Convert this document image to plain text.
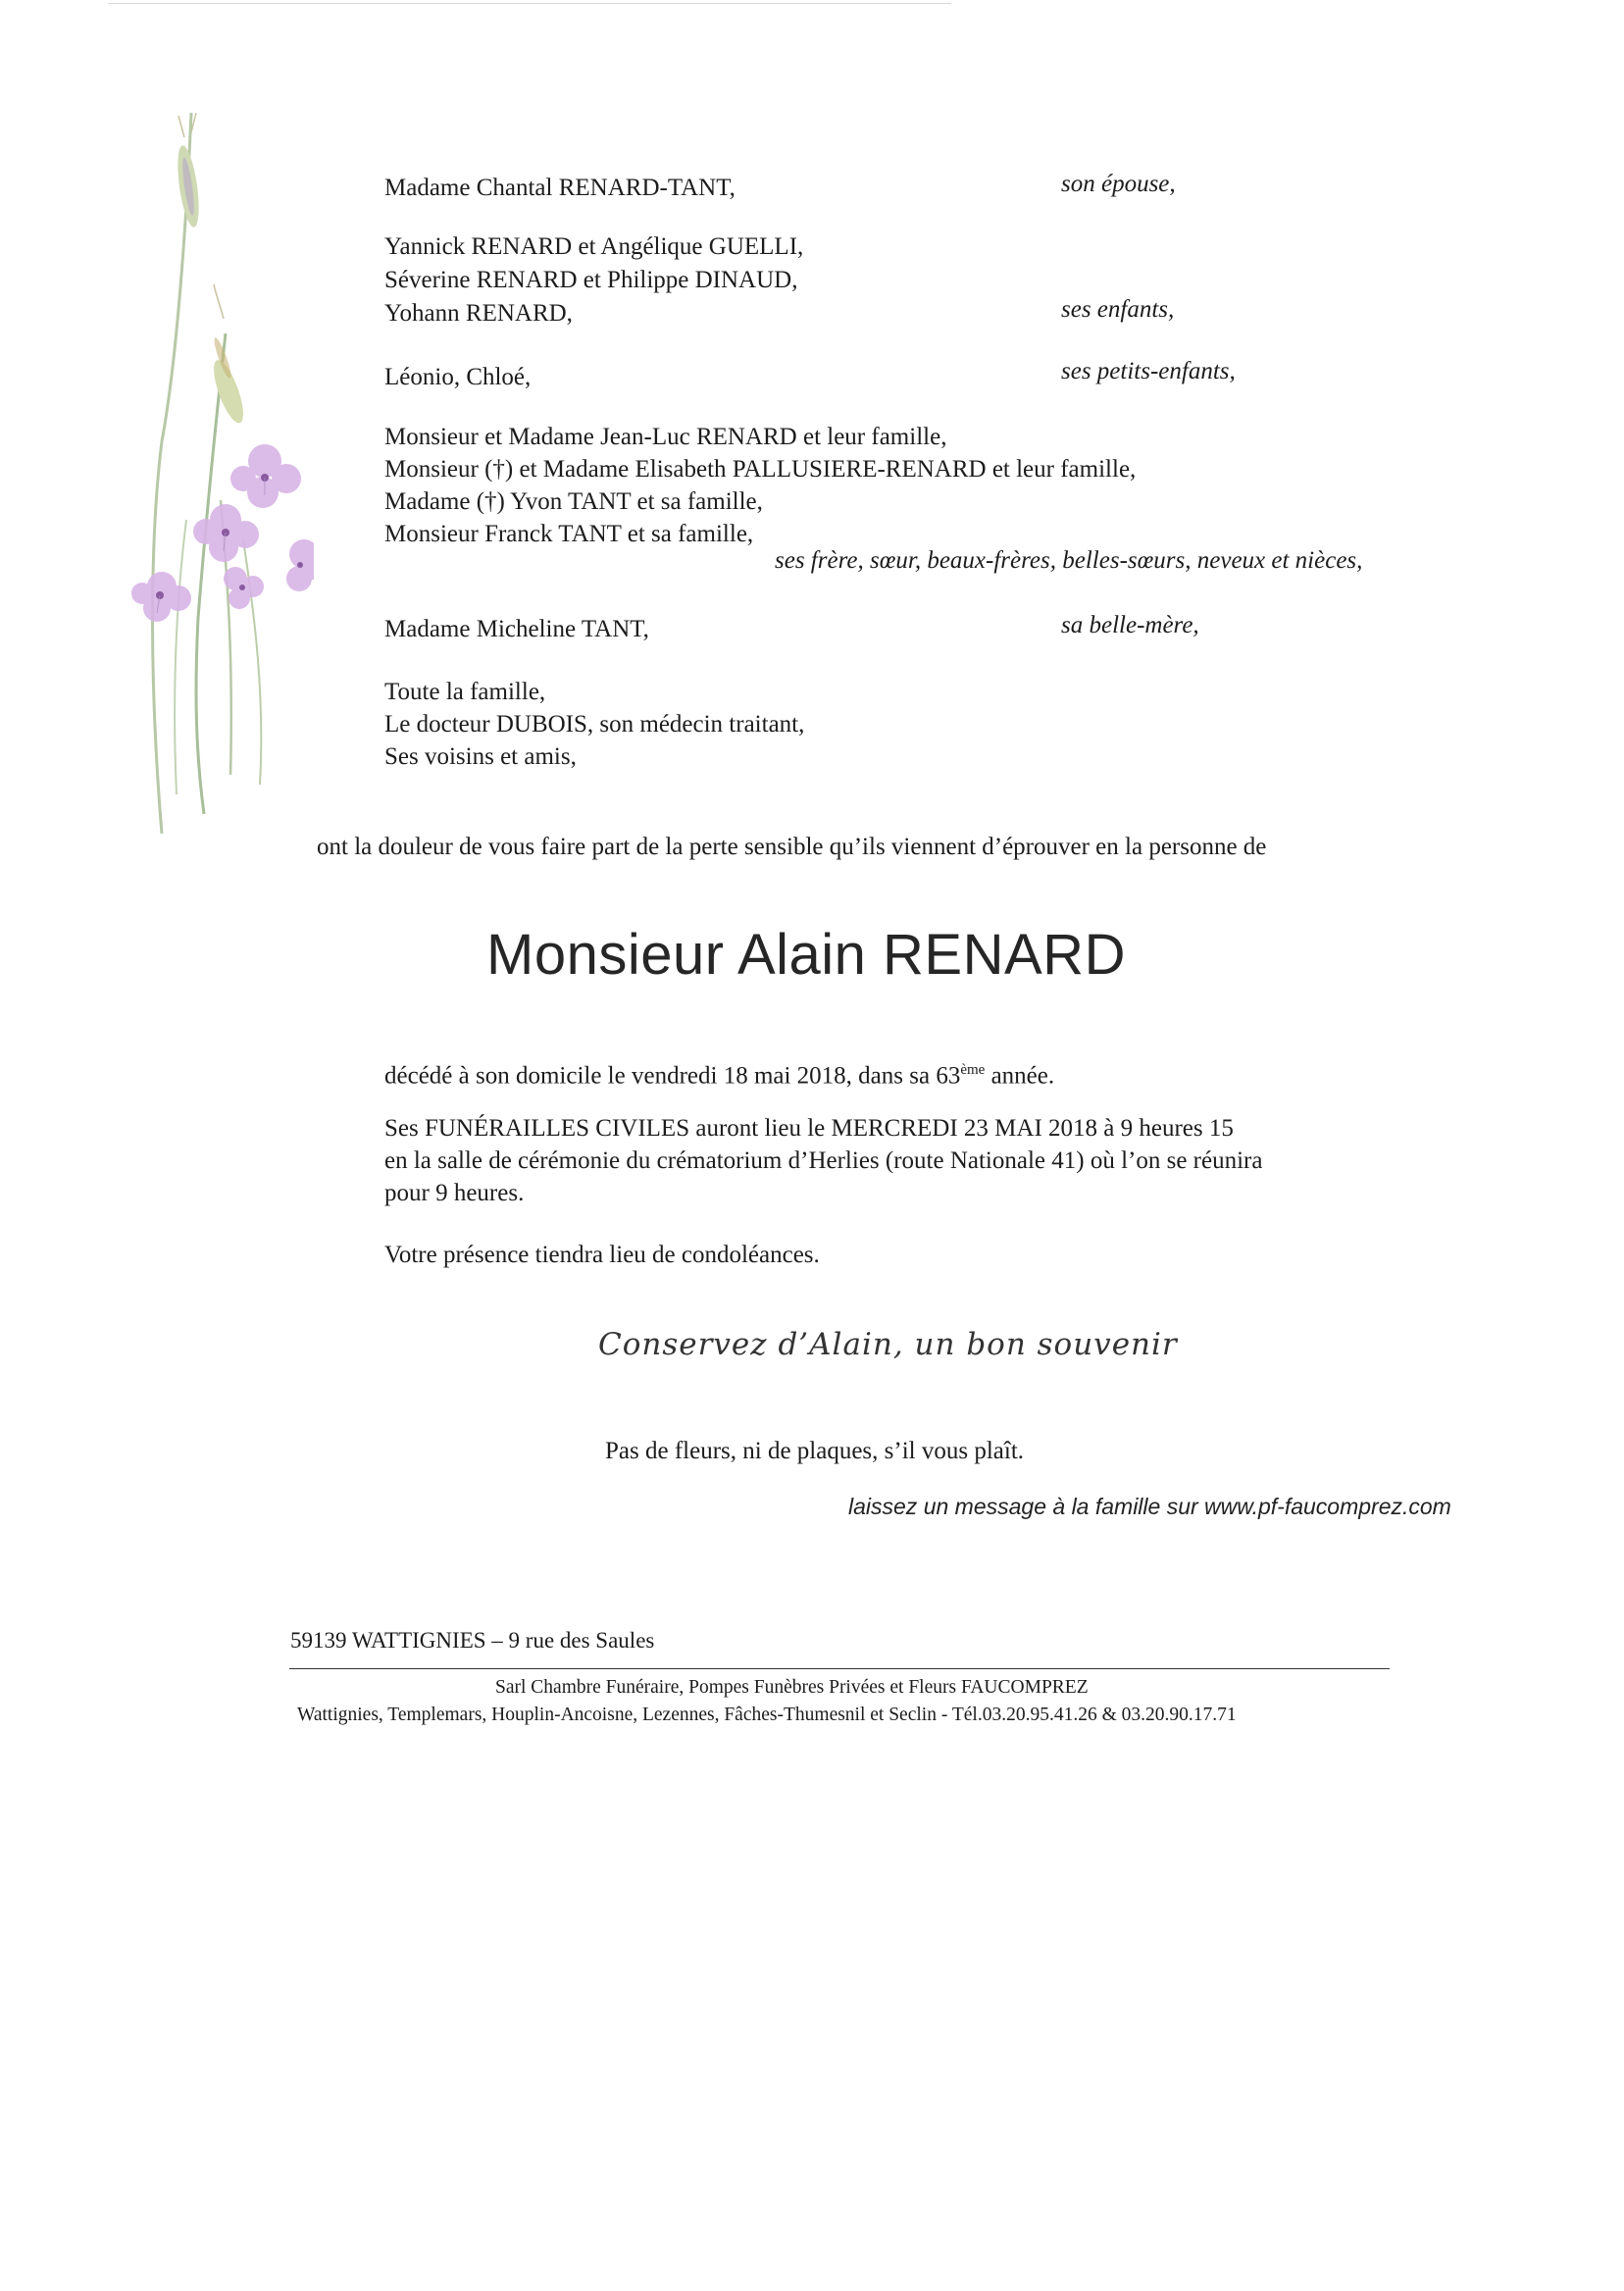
Madame Chantal RENARD-TANT,	son épouse,
Yannick RENARD et Angélique GUELLI,
Séverine RENARD et Philippe DINAUD,
Yohann RENARD,	ses enfants,
Léonio, Chloé,	ses petits-enfants,
Monsieur et Madame Jean-Luc RENARD et leur famille,
Monsieur (†) et Madame Elisabeth PALLUSIERE-RENARD et leur famille,
Madame (†) Yvon TANT et sa famille,
Monsieur Franck TANT et sa famille,
ses frère, sœur, beaux-frères, belles-sœurs, neveux et nièces,
Madame Micheline TANT,	sa belle-mère,
Toute la famille,
Le docteur DUBOIS, son médecin traitant,
Ses voisins et amis,
ont la douleur de vous faire part de la perte sensible qu’ils viennent d’éprouver en la personne de
Monsieur Alain RENARD
décédé à son domicile le vendredi 18 mai 2018, dans sa 63ème année.
Ses FUNÉRAILLES CIVILES auront lieu le MERCREDI 23 MAI 2018 à 9 heures 15
en la salle de cérémonie du crématorium d’Herlies (route Nationale 41) où l’on se réunira
pour 9 heures.
Votre présence tiendra lieu de condoléances.
Conservez d’Alain, un bon souvenir
Pas de fleurs, ni de plaques, s’il vous plaît.
laissez un message à la famille sur www.pf-faucomprez.com
59139 WATTIGNIES – 9 rue des Saules
Sarl Chambre Funéraire, Pompes Funèbres Privées et Fleurs FAUCOMPREZ
Wattignies, Templemars, Houplin-Ancoisne, Lezennes, Fâches-Thumesnil et Seclin - Tél.03.20.95.41.26 & 03.20.90.17.71
